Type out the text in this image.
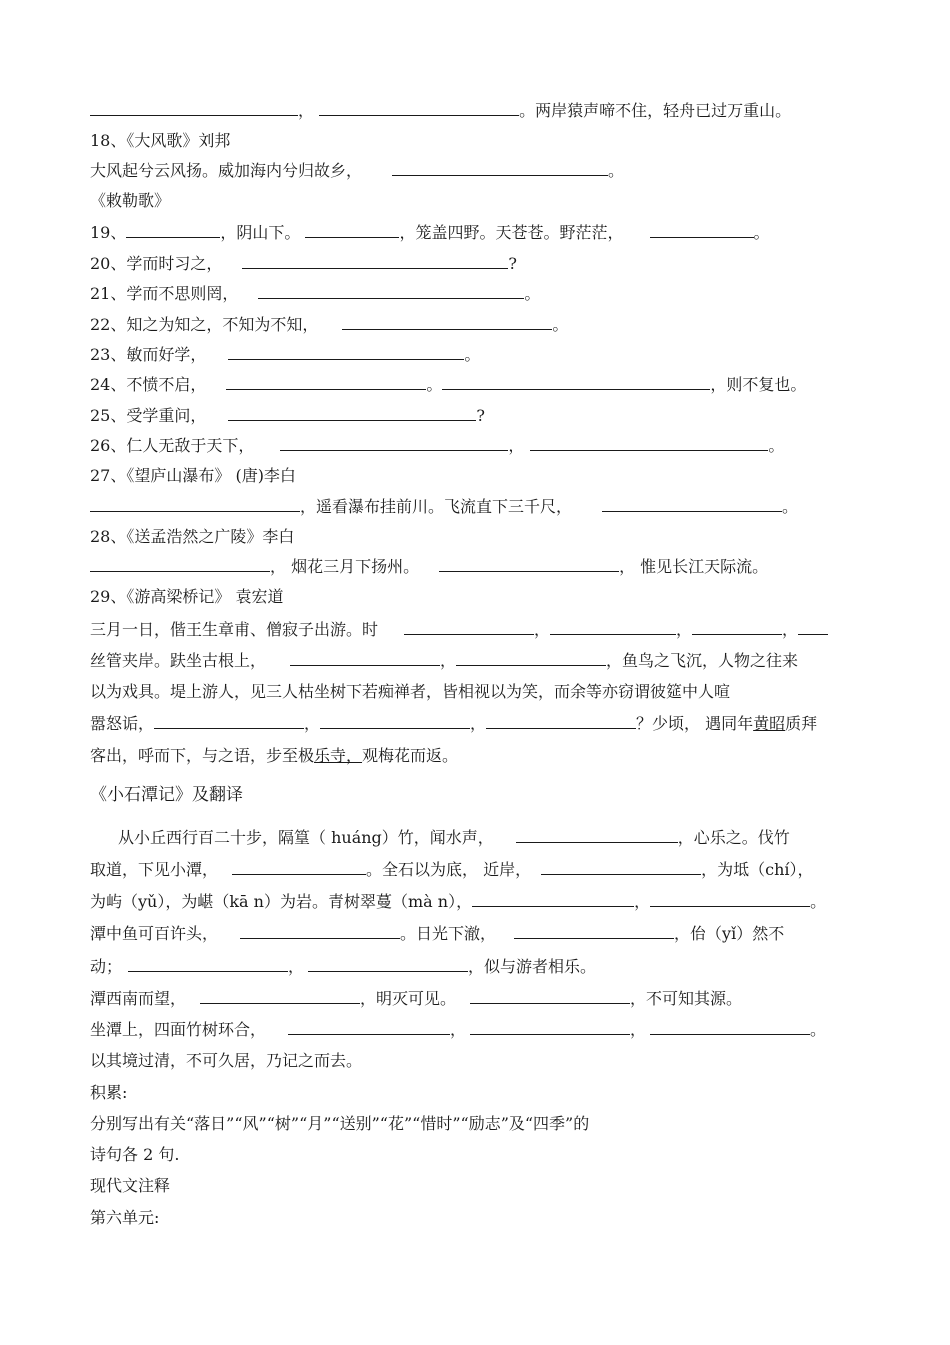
，	。两岸猿声啼不住，轻舟已过万重山。
18、《大风歌》刘邦
大风起兮云风扬。威加海内兮归故乡，	。
《敕勒歌》
19、	，阴山下。	，笼盖四野。天苍苍。野茫茫，	。
20、学而时习之，	?
21、学而不思则罔，	。
22、知之为知之，不知为不知，	。
23、敏而好学，	。
24、不愤不启，	。	，则不复也。
25、受学重问，	?
26、仁人无敌于天下，	，	。
27、《望庐山瀑布》 (唐)李白
，遥看瀑布挂前川。飞流直下三千尺，	。
28、《送孟浩然之广陵》李白
， 烟花三月下扬州。	， 惟见长江天际流。
29、《游高梁桥记》 袁宏道
三月一日，偕王生章甫、僧寂子出游。时	，	，	，
丝管夹岸。趺坐古根上，	，	，鱼鸟之飞沉，人物之往来
以为戏具。堤上游人，见三人枯坐树下若痴禅者，皆相视以为笑，而余等亦窃谓彼筵中人喧
嚣怒诟，	，	，	？少顷， 遇同年黄昭质拜
客出，呼而下，与之语，步至极乐寺，观梅花而返。
《小石潭记》及翻译
从小丘西行百二十步，隔篁（ huáng）竹，闻水声，	，心乐之。伐竹
取道，下见小潭，	。全石以为底， 近岸，	，为坻（chí），
为屿（yǔ），为嵁（kā n）为岩。青树翠蔓（mà n），	，	。
潭中鱼可百许头，	。日光下澈，	，佁（yǐ）然不
动；	，	，似与游者相乐。
潭西南而望，	，明灭可见。	，不可知其源。
坐潭上，四面竹树环合，	，	，	。
以其境过清，不可久居，乃记之而去。
积累:
分别写出有关“落日”“风”“树”“月”“送别”“花”“惜时”“励志”及“四季”的
诗句各 2 句.
现代文注释
第六单元:
